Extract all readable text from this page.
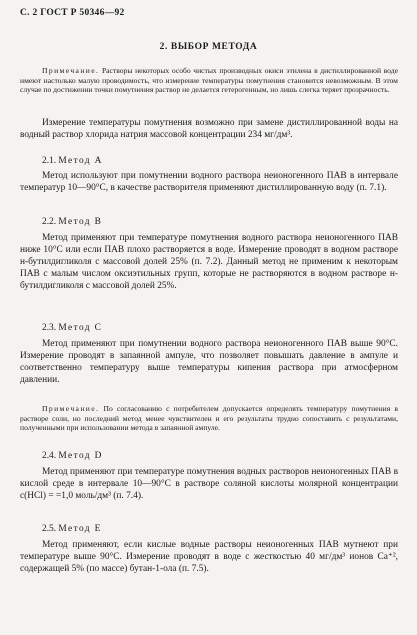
С. 2 ГОСТ Р 50346—92
2. ВЫБОР МЕТОДА
Примечание. Растворы некоторых особо чистых производных окиси этилена в дистиллированной воде имеют настолько малую проводимость, что измерение температуры помутнения становится невозможным. В этом случае по достижении точки помутнения раствор не делается гетерогенным, но лишь слегка теряет прозрачность.
Измерение температуры помутнения возможно при замене дистиллированной воды на водный раствор хлорида натрия массовой концентрации 234 мг/дм³.
2.1. Метод А
Метод используют при помутнении водного раствора неионогенного ПАВ в интервале температур 10—90°С, в качестве растворителя применяют дистиллированную воду (п. 7.1).
2.2. Метод В
Метод применяют при температуре помутнения водного раствора неионогенного ПАВ ниже 10°С или если ПАВ плохо растворяется в воде. Измерение проводят в водном растворе н-бутилдигликоля с массовой долей 25% (п. 7.2). Данный метод не применим к некоторым ПАВ с малым числом оксиэтильных групп, которые не растворяются в водном растворе н-бутилдигликоля с массовой долей 25%.
2.3. Метод С
Метод применяют при помутнении водного раствора неионогенного ПАВ выше 90°С. Измерение проводят в запаянной ампуле, что позволяет повышать давление в ампуле и соответственно температуру выше температуры кипения раствора при атмосферном давлении.
Примечание. По согласованию с потребителем допускается определять температуру помутнения в растворе соли, но последний метод менее чувствителен и его результаты трудно сопоставить с результатами, полученными при использовании метода в запаянной ампуле.
2.4. Метод D
Метод применяют при температуре помутнения водных растворов неионогенных ПАВ в кислой среде в интервале 10—90°С в растворе соляной кислоты молярной концентрации с(HCl) = =1,0 моль/дм³ (п. 7.4).
2.5. Метод Е
Метод применяют, если кислые водные растворы неионогенных ПАВ мутнеют при температуре выше 90°С. Измерение проводят в воде с жесткостью 40 мг/дм³ ионов Са⁺², содержащей 5% (по массе) бутан-1-ола (п. 7.5).
